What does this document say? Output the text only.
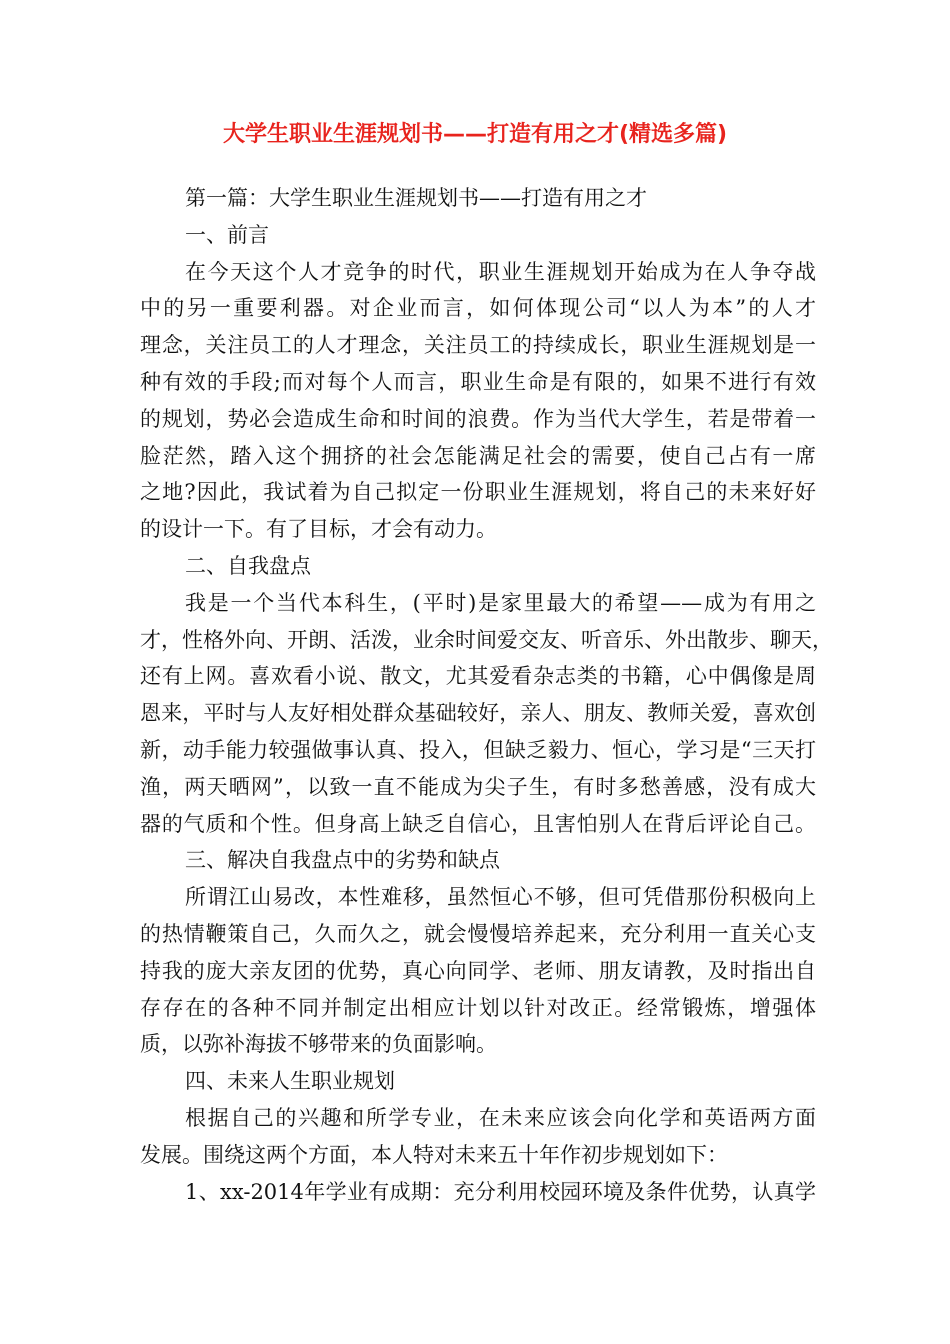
大学生职业生涯规划书——打造有用之才(精选多篇)
第一篇：大学生职业生涯规划书——打造有用之才
一、前言
在今天这个人才竞争的时代，职业生涯规划开始成为在人争夺战
中的另一重要利器。对企业而言，如何体现公司“以人为本”的人才
理念，关注员工的人才理念，关注员工的持续成长，职业生涯规划是一
种有效的手段;而对每个人而言，职业生命是有限的，如果不进行有效
的规划，势必会造成生命和时间的浪费。作为当代大学生，若是带着一
脸茫然，踏入这个拥挤的社会怎能满足社会的需要，使自己占有一席
之地?因此，我试着为自己拟定一份职业生涯规划，将自己的未来好好
的设计一下。有了目标，才会有动力。
二、自我盘点
我是一个当代本科生，(平时)是家里最大的希望——成为有用之
才，性格外向、开朗、活泼，业余时间爱交友、听音乐、外出散步、聊天，
还有上网。喜欢看小说、散文，尤其爱看杂志类的书籍，心中偶像是周
恩来，平时与人友好相处群众基础较好，亲人、朋友、教师关爱，喜欢创
新，动手能力较强做事认真、投入，但缺乏毅力、恒心，学习是“三天打
渔，两天晒网”，以致一直不能成为尖子生，有时多愁善感，没有成大
器的气质和个性。但身高上缺乏自信心，且害怕别人在背后评论自己。
三、解决自我盘点中的劣势和缺点
所谓江山易改，本性难移，虽然恒心不够，但可凭借那份积极向上
的热情鞭策自己，久而久之，就会慢慢培养起来，充分利用一直关心支
持我的庞大亲友团的优势，真心向同学、老师、朋友请教，及时指出自
存存在的各种不同并制定出相应计划以针对改正。经常锻炼，增强体
质，以弥补海拔不够带来的负面影响。
四、未来人生职业规划
根据自己的兴趣和所学专业，在未来应该会向化学和英语两方面
发展。围绕这两个方面，本人特对未来五十年作初步规划如下：
1、xx-2014年学业有成期：充分利用校园环境及条件优势，认真学
